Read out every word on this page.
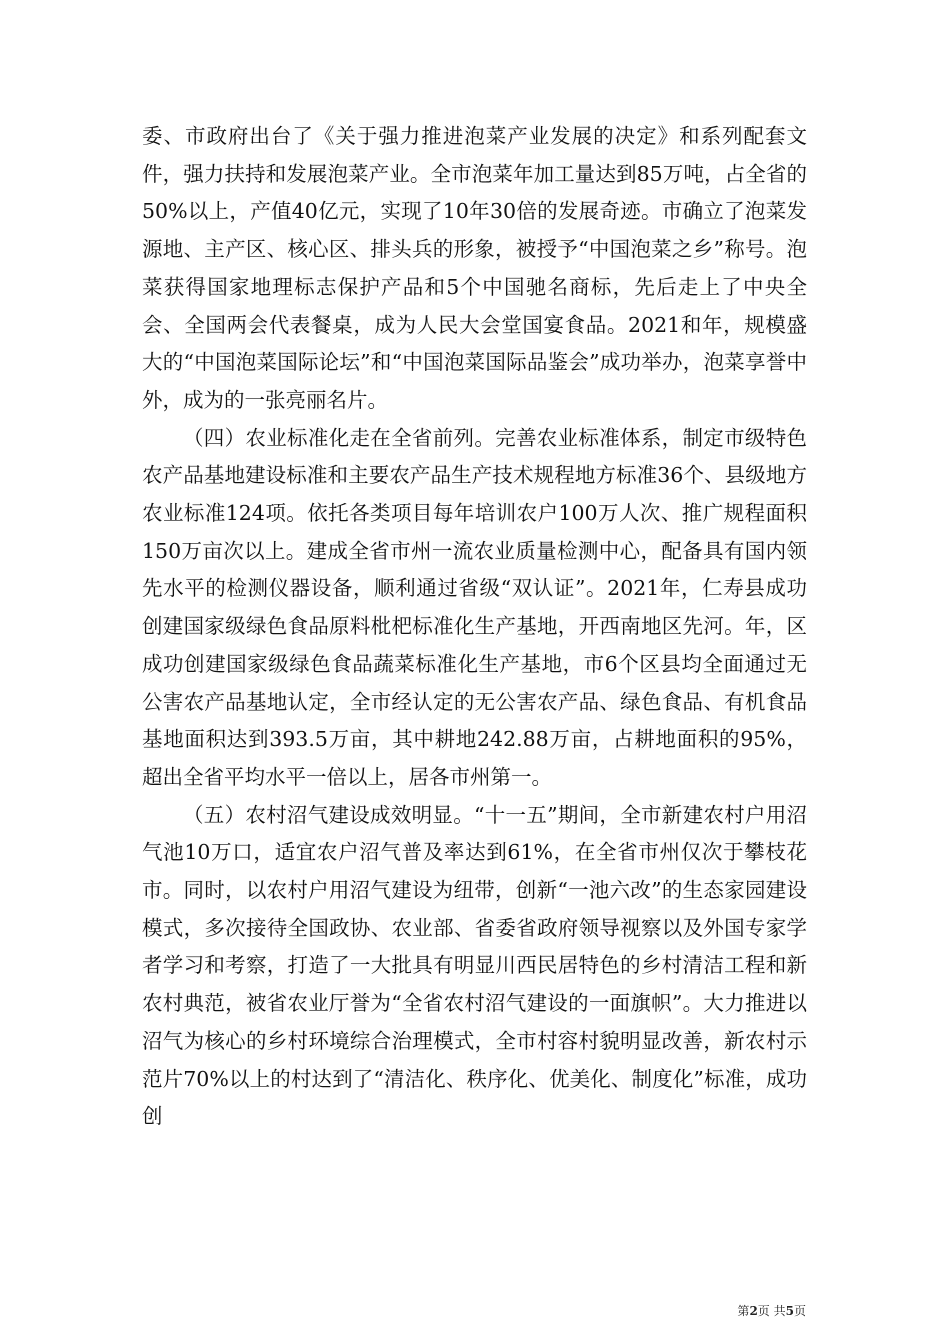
委、市政府出台了《关于强力推进泡菜产业发展的决定》和系列配套文件，强力扶持和发展泡菜产业。全市泡菜年加工量达到85万吨，占全省的50%以上，产值40亿元，实现了10年30倍的发展奇迹。市确立了泡菜发源地、主产区、核心区、排头兵的形象，被授予“中国泡菜之乡”称号。泡菜获得国家地理标志保护产品和5个中国驰名商标，先后走上了中央全会、全国两会代表餐桌，成为人民大会堂国宴食品。2021和年，规模盛大的“中国泡菜国际论坛”和“中国泡菜国际品鉴会”成功举办，泡菜享誉中外，成为的一张亮丽名片。

（四）农业标准化走在全省前列。完善农业标准体系，制定市级特色农产品基地建设标准和主要农产品生产技术规程地方标准36个、县级地方农业标准124项。依托各类项目每年培训农户100万人次、推广规程面积150万亩次以上。建成全省市州一流农业质量检测中心，配备具有国内领先水平的检测仪器设备，顺利通过省级“双认证”。2021年，仁寿县成功创建国家级绿色食品原料枇杷标准化生产基地，开西南地区先河。年，区成功创建国家级绿色食品蔬菜标准化生产基地，市6个区县均全面通过无公害农产品基地认定，全市经认定的无公害农产品、绿色食品、有机食品基地面积达到393.5万亩，其中耕地242.88万亩，占耕地面积的95%，超出全省平均水平一倍以上，居各市州第一。

（五）农村沼气建设成效明显。“十一五”期间，全市新建农村户用沼气池10万口，适宜农户沼气普及率达到61%，在全省市州仅次于攀枝花市。同时，以农村户用沼气建设为纽带，创新“一池六改”的生态家园建设模式，多次接待全国政协、农业部、省委省政府领导视察以及外国专家学者学习和考察，打造了一大批具有明显川西民居特色的乡村清洁工程和新农村典范，被省农业厅誉为“全省农村沼气建设的一面旗帜”。大力推进以沼气为核心的乡村环境综合治理模式，全市村容村貌明显改善，新农村示范片70%以上的村达到了“清洁化、秩序化、优美化、制度化”标准，成功创

第2页 共5页
